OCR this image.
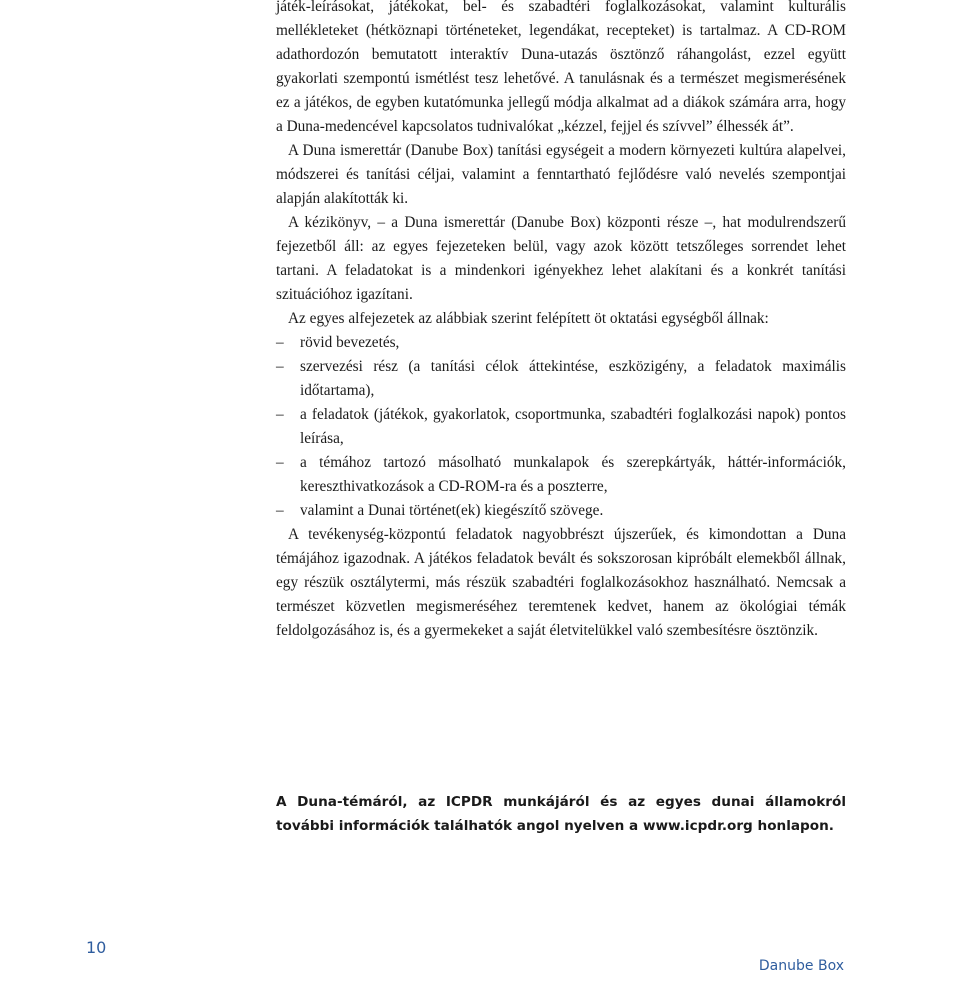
játék-leírásokat, játékokat, bel- és szabadtéri foglalkozásokat, valamint kulturális mellékleteket (hétköznapi történeteket, legendákat, recepteket) is tartalmaz. A CD-ROM adathordozón bemutatott interaktív Duna-utazás ösztönző ráhangolást, ezzel együtt gyakorlati szempontú ismétlést tesz lehetővé. A tanulásnak és a természet megismerésének ez a játékos, de egyben kutatómunka jellegű módja alkalmat ad a diákok számára arra, hogy a Duna-medencével kapcsolatos tudnivalókat „kézzel, fejjel és szívvel” élhessék át”.

A Duna ismerettár (Danube Box) tanítási egységeit a modern környezeti kultúra alapelvei, módszerei és tanítási céljai, valamint a fenntartható fejlődésre való nevelés szempontjai alapján alakították ki.

A kézikönyv, – a Duna ismerettár (Danube Box) központi része –, hat modulrendszerű fejezetből áll: az egyes fejezeteken belül, vagy azok között tetszőleges sorrendet lehet tartani. A feladatokat is a mindenkori igényekhez lehet alakítani és a konkrét tanítási szituációhoz igazítani.

Az egyes alfejezetek az alábbiak szerint felépített öt oktatási egységből állnak:

– rövid bevezetés,
– szervezési rész (a tanítási célok áttekintése, eszközigény, a feladatok maximális időtartama),
– a feladatok (játékok, gyakorlatok, csoportmunka, szabadtéri foglalkozási napok) pontos leírása,
– a témához tartozó másolható munkalapok és szerepkártyák, háttér-információk, kereszthivatkozások a CD-ROM-ra és a poszterre,
– valamint a Dunai történet(ek) kiegészítő szövege.

A tevékenység-központú feladatok nagyobbrészt újszerűek, és kimondottan a Duna témájához igazodnak. A játékos feladatok bevált és sokszorosan kipróbált elemekből állnak, egy részük osztálytermi, más részük szabadtéri foglalkozásokhoz használható. Nemcsak a természet közvetlen megismeréséhez teremtenek kedvet, hanem az ökológiai témák feldolgozásához is, és a gyermekeket a saját életvitelükkel való szembesítésre ösztönzik.

A Duna-témáról, az ICPDR munkájáról és az egyes dunai államokról további információk találhatók angol nyelven a www.icpdr.org honlapon.

10
Danube Box
